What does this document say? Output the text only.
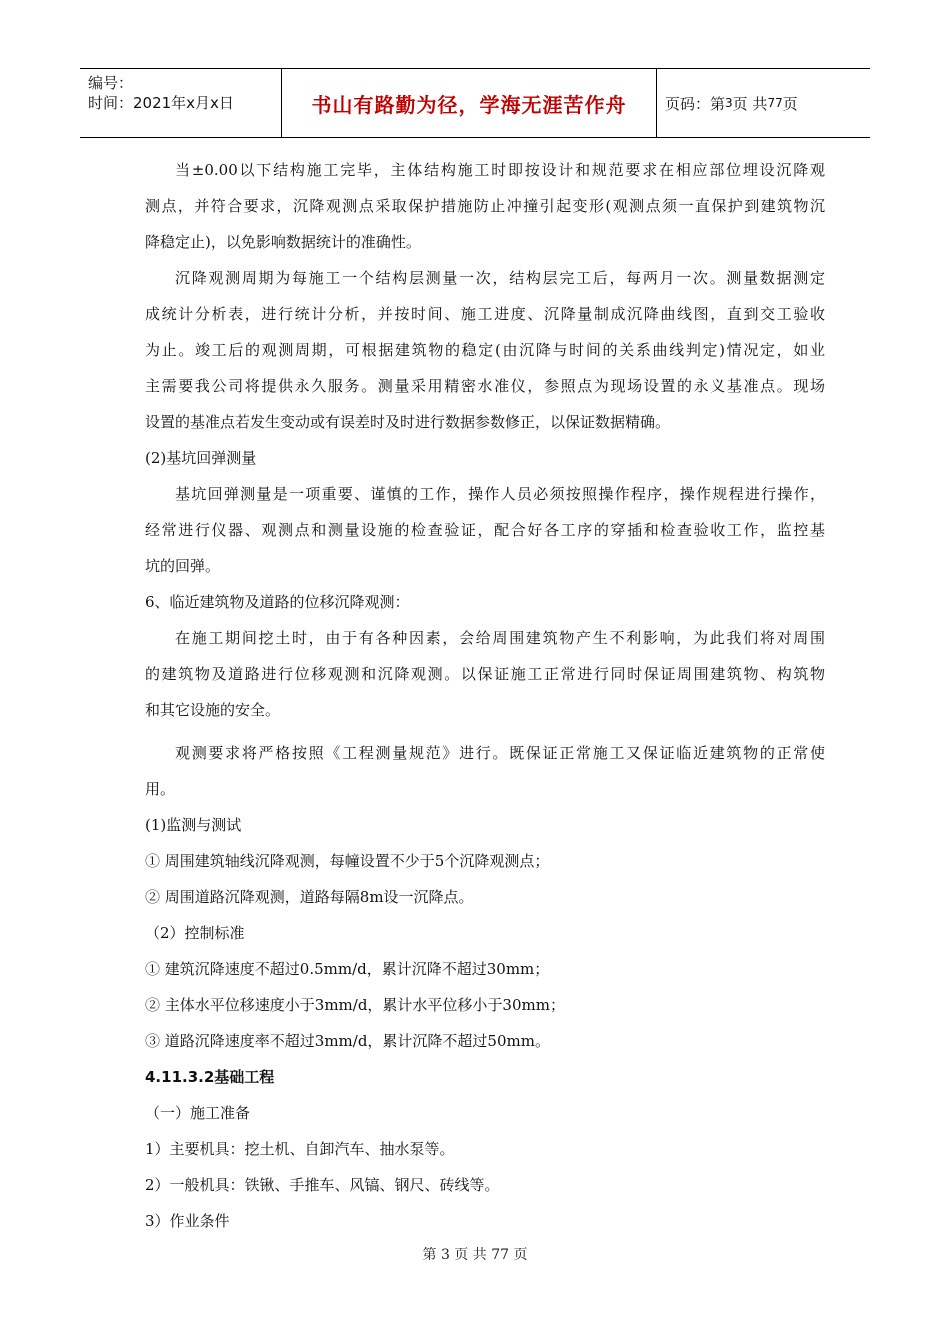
编号：
时间：2021年x月x日	书山有路勤为径，学海无涯苦作舟	页码：第 3 页 共 77 页
当±0.00以下结构施工完毕，主体结构施工时即按设计和规范要求在相应部位埋设沉降观
测点，并符合要求，沉降观测点采取保护措施防止冲撞引起变形(观测点须一直保护到建筑物沉
降稳定止)，以免影响数据统计的准确性。
沉降观测周期为每施工一个结构层测量一次，结构层完工后，每两月一次。测量数据测定
成统计分析表，进行统计分析，并按时间、施工进度、沉降量制成沉降曲线图，直到交工验收
为止。竣工后的观测周期，可根据建筑物的稳定(由沉降与时间的关系曲线判定)情况定，如业
主需要我公司将提供永久服务。测量采用精密水准仪，参照点为现场设置的永义基准点。现场
设置的基准点若发生变动或有误差时及时进行数据参数修正，以保证数据精确。
(2)基坑回弹测量
基坑回弹测量是一项重要、谨慎的工作，操作人员必须按照操作程序，操作规程进行操作，
经常进行仪器、观测点和测量设施的检查验证，配合好各工序的穿插和检查验收工作，监控基
坑的回弹。
6、临近建筑物及道路的位移沉降观测：
在施工期间挖土时，由于有各种因素，会给周围建筑物产生不利影响，为此我们将对周围
的建筑物及道路进行位移观测和沉降观测。以保证施工正常进行同时保证周围建筑物、构筑物
和其它设施的安全。
观测要求将严格按照《工程测量规范》进行。既保证正常施工又保证临近建筑物的正常使
用。
(1)监测与测试
① 周围建筑轴线沉降观测，每幢设置不少于5个沉降观测点；
② 周围道路沉降观测，道路每隔8m设一沉降点。
（2）控制标准
① 建筑沉降速度不超过0.5mm/d，累计沉降不超过30mm；
② 主体水平位移速度小于3mm/d，累计水平位移小于30mm；
③ 道路沉降速度率不超过3mm/d，累计沉降不超过50mm。
4.11.3.2基础工程
（一）施工准备
1）主要机具：挖土机、自卸汽车、抽水泵等。
2）一般机具：铁锹、手推车、风镐、钢尺、砖线等。
3）作业条件
第 3 页 共 77 页
